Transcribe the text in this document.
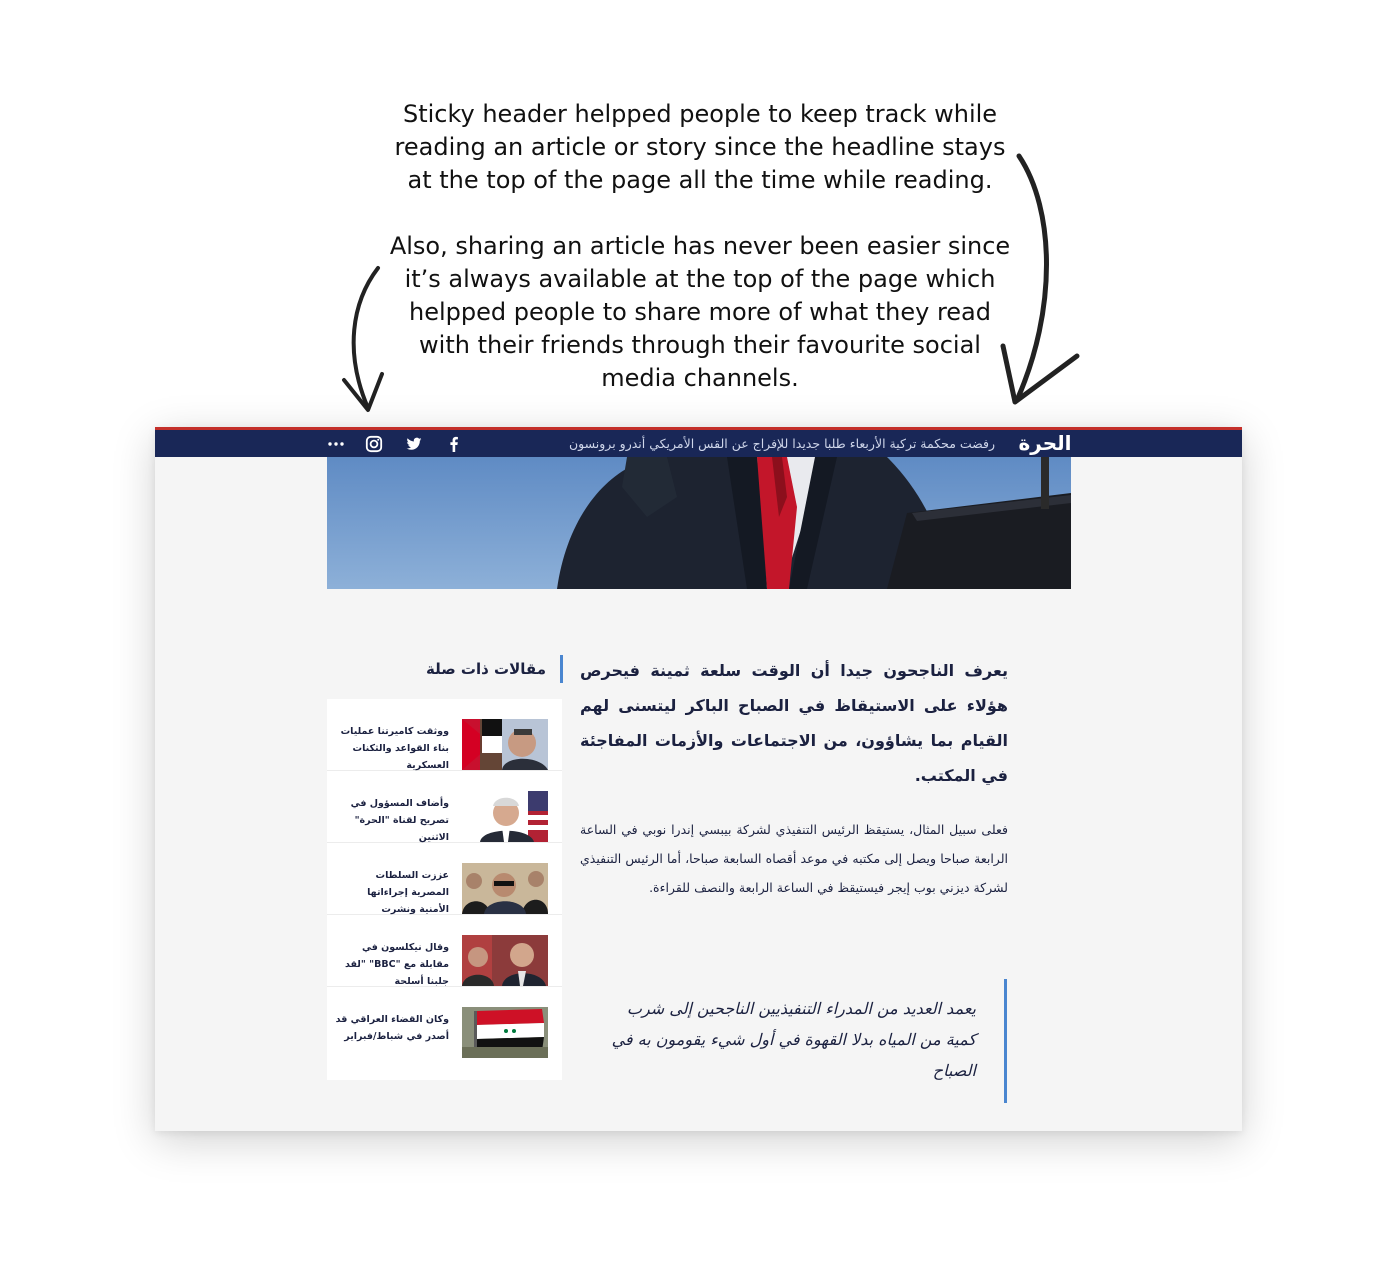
Sticky header helpped people to keep track while reading an article or story since the headline stays at the top of the page all the time while reading.

Also, sharing an article has never been easier since it’s always available at the top of the page which helpped people to share more of what they read with their friends through their favourite social media channels.

الحرة
رفضت محكمة تركية الأربعاء طلبا جديدا للإفراج عن القس الأمريكي أندرو برونسون

يعرف الناجحون جيدا أن الوقت سلعة ثمينة فيحرص هؤلاء على الاستيقاظ في الصباح الباكر ليتسنى لهم القيام بما يشاؤون، من الاجتماعات والأزمات المفاجئة في المكتب.

فعلى سبيل المثال، يستيقظ الرئيس التنفيذي لشركة بيبسي إندرا نوبي في الساعة الرابعة صباحا ويصل إلى مكتبه في موعد أقصاه السابعة صباحا، أما الرئيس التنفيذي لشركة ديزني بوب إيجر فيستيقظ في الساعة الرابعة والنصف للقراءة.

يعمد العديد من المدراء التنفيذيين الناجحين إلى شرب كمية من المياه بدلا القهوة في أول شيء يقومون به في الصباح
مقالات ذات صلة
ووثقت كاميرتنا عمليات بناء القواعد والثكنات العسكرية
وأضاف المسؤول في تصريح لقناة "الحرة" الاثنين
عززت السلطات المصرية إجراءاتها الأمنية ونشرت
وقال نيكلسون في مقابلة مع "BBC" "لقد جلبنا أسلحة
وكان القضاء العراقي قد أصدر في شباط/فبراير
